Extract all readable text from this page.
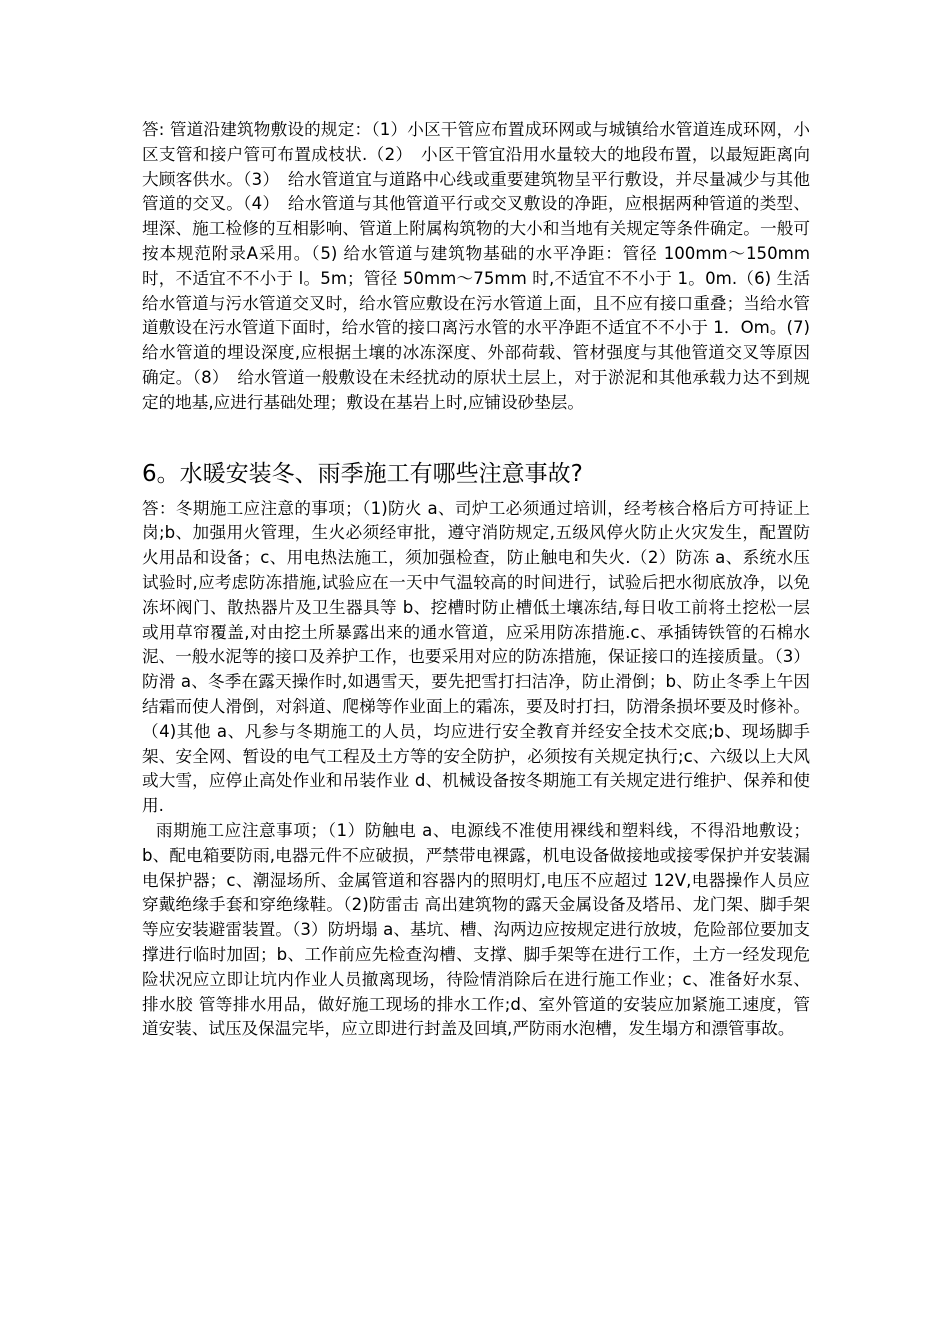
答: 管道沿建筑物敷设的规定：（1）小区干管应布置成环网或与城镇给水管道连成环网，小区支管和接户管可布置成枝状.（2）　小区干管宜沿用水量较大的地段布置，以最短距离向大顾客供水。（3）　给水管道宜与道路中心线或重要建筑物呈平行敷设，并尽量减少与其他管道的交叉。（4）　给水管道与其他管道平行或交叉敷设的净距，应根据两种管道的类型、埋深、施工检修的互相影响、管道上附属构筑物的大小和当地有关规定等条件确定。一般可按本规范附录A采用。（5) 给水管道与建筑物基础的水平净距：管径 100mm～150mm时，不适宜不不小于 l。5m；管径 50mm～75mm 时,不适宜不不小于 1。0m.（6) 生活给水管道与污水管道交叉时，给水管应敷设在污水管道上面，且不应有接口重叠；当给水管道敷设在污水管道下面时，给水管的接口离污水管的水平净距不适宜不不小于 1．Om。(7) 给水管道的埋设深度,应根据土壤的冰冻深度、外部荷载、管材强度与其他管道交叉等原因确定。（8）　给水管道一般敷设在未经扰动的原状土层上，对于淤泥和其他承载力达不到规定的地基,应进行基础处理；敷设在基岩上时,应铺设砂垫层。

6。水暖安装冬、雨季施工有哪些注意事故?

答：冬期施工应注意的事项；（1)防火 a、司炉工必须通过培训，经考核合格后方可持证上岗;b、加强用火管理，生火必须经审批，遵守消防规定,五级风停火防止火灾发生，配置防火用品和设备；c、用电热法施工，须加强检查，防止触电和失火.（2）防冻 a、系统水压试验时,应考虑防冻措施,试验应在一天中气温较高的时间进行，试验后把水彻底放净，以免冻坏阀门、散热器片及卫生器具等 b、挖槽时防止槽低土壤冻结,每日收工前将土挖松一层或用草帘覆盖,对由挖土所暴露出来的通水管道，应采用防冻措施.c、承插铸铁管的石棉水泥、一般水泥等的接口及养护工作，也要采用对应的防冻措施，保证接口的连接质量。（3）防滑 a、冬季在露天操作时,如遇雪天，要先把雪打扫洁净，防止滑倒；b、防止冬季上午因结霜而使人滑倒，对斜道、爬梯等作业面上的霜冻，要及时打扫，防滑条损坏要及时修补。（4)其他 a、凡参与冬期施工的人员，均应进行安全教育并经安全技术交底;b、现场脚手架、安全网、暂设的电气工程及土方等的安全防护，必须按有关规定执行;c、六级以上大风或大雪，应停止高处作业和吊装作业 d、机械设备按冬期施工有关规定进行维护、保养和使用.

雨期施工应注意事项；（1）防触电 a、电源线不准使用裸线和塑料线，不得沿地敷设；b、配电箱要防雨,电器元件不应破损，严禁带电裸露，机电设备做接地或接零保护并安装漏电保护器；c、潮湿场所、金属管道和容器内的照明灯,电压不应超过 12V,电器操作人员应穿戴绝缘手套和穿绝缘鞋。（2)防雷击 高出建筑物的露天金属设备及塔吊、龙门架、脚手架等应安装避雷装置。（3）防坍塌 a、基坑、槽、沟两边应按规定进行放坡，危险部位要加支撑进行临时加固；b、工作前应先检查沟槽、支撑、脚手架等在进行工作，土方一经发现危险状况应立即让坑内作业人员撤离现场，待险情消除后在进行施工作业；c、准备好水泵、排水胶 管等排水用品，做好施工现场的排水工作;d、室外管道的安装应加紧施工速度，管道安装、试压及保温完毕，应立即进行封盖及回填,严防雨水泡槽，发生塌方和漂管事故。
